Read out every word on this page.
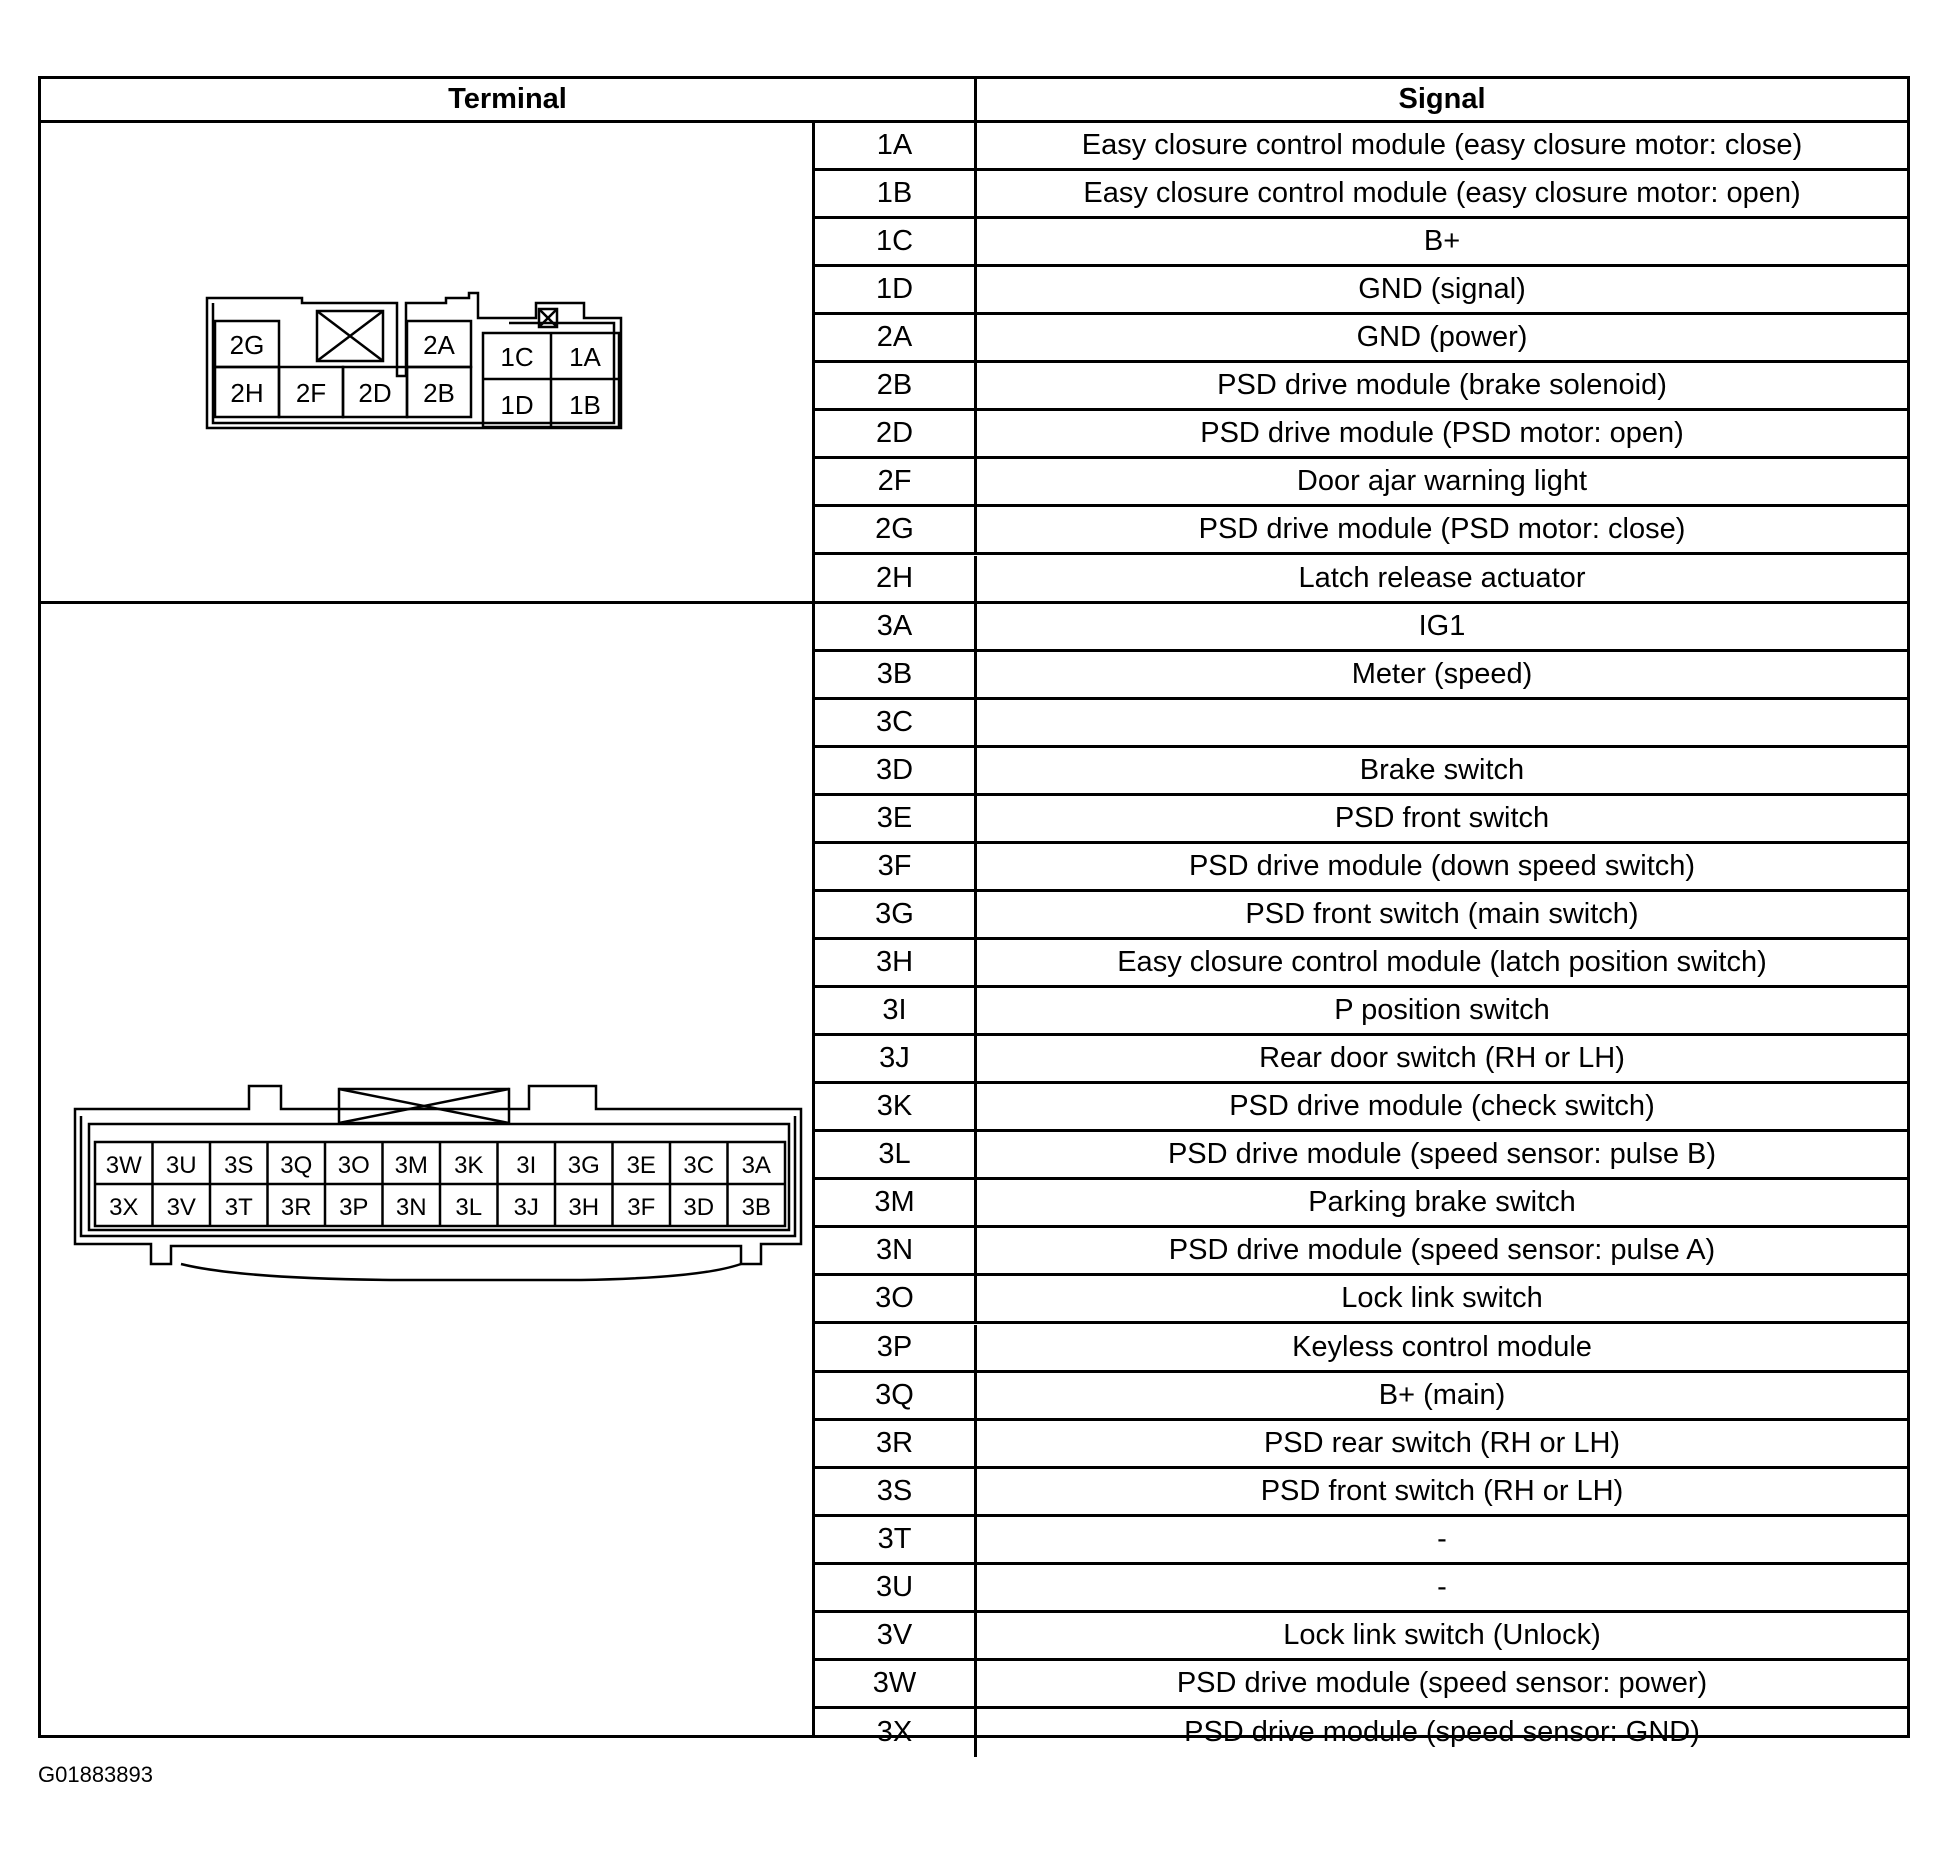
Terminal	Signal
2G	2A 1C 1A
2H 2F 2D 2B 1D 1B
3W 3U 3S 3Q 3O 3M 3K 3I 3G 3E 3C 3A
3X 3V 3T 3R 3P 3N 3L 3J 3H 3F 3D 3B
1A	Easy closure control module (easy closure motor: close)
1B	Easy closure control module (easy closure motor: open)
1C	B+
1D	GND (signal)
2A	GND (power)
2B	PSD drive module (brake solenoid)
2D	PSD drive module (PSD motor: open)
2F	Door ajar warning light
2G	PSD drive module (PSD motor: close)
2H	Latch release actuator
3A	IG1
3B	Meter (speed)
3C
3D	Brake switch
3E	PSD front switch
3F	PSD drive module (down speed switch)
3G	PSD front switch (main switch)
3H	Easy closure control module (latch position switch)
3I	P position switch
3J	Rear door switch (RH or LH)
3K	PSD drive module (check switch)
3L	PSD drive module (speed sensor: pulse B)
3M	Parking brake switch
3N	PSD drive module (speed sensor: pulse A)
3O	Lock link switch
3P	Keyless control module
3Q	B+ (main)
3R	PSD rear switch (RH or LH)
3S	PSD front switch (RH or LH)
3T	-
3U	-
3V	Lock link switch (Unlock)
3W	PSD drive module (speed sensor: power)
3X	PSD drive module (speed sensor: GND)
G01883893
